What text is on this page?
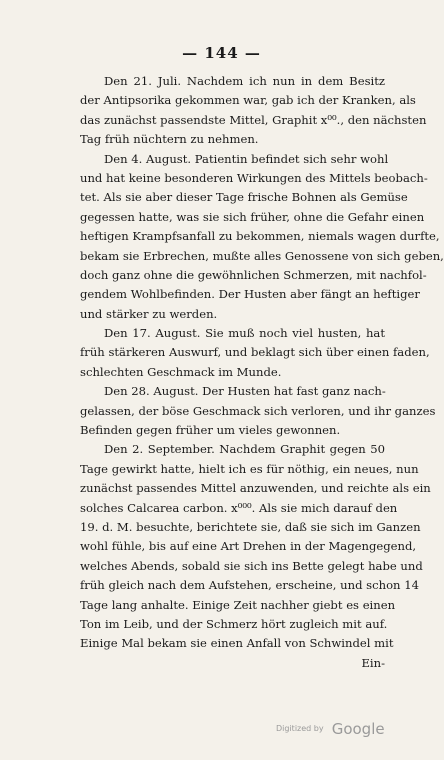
— 144 —
Den 21. Juli. Nachdem ich nun in dem Besitz
der Antipsorika gekommen war, gab ich der Kranken, als
das zunächst passendste Mittel, Graphit x⁰⁰., den nächsten
Tag früh nüchtern zu nehmen.
Den 4. August. Patientin befindet sich sehr wohl
und hat keine besonderen Wirkungen des Mittels beobach-
tet. Als sie aber dieser Tage frische Bohnen als Gemüse
gegessen hatte, was sie sich früher, ohne die Gefahr einen
heftigen Krampfsanfall zu bekommen, niemals wagen durfte,
bekam sie Erbrechen, mußte alles Genossene von sich geben,
doch ganz ohne die gewöhnlichen Schmerzen, mit nachfol-
gendem Wohlbefinden. Der Husten aber fängt an heftiger
und stärker zu werden.
Den 17. August. Sie muß noch viel husten, hat
früh stärkeren Auswurf, und beklagt sich über einen faden,
schlechten Geschmack im Munde.
Den 28. August. Der Husten hat fast ganz nach-
gelassen, der böse Geschmack sich verloren, und ihr ganzes
Befinden gegen früher um vieles gewonnen.
Den 2. September. Nachdem Graphit gegen 50
Tage gewirkt hatte, hielt ich es für nöthig, ein neues, nun
zunächst passendes Mittel anzuwenden, und reichte als ein
solches Calcarea carbon. x⁰⁰⁰. Als sie mich darauf den
19. d. M. besuchte, berichtete sie, daß sie sich im Ganzen
wohl fühle, bis auf eine Art Drehen in der Magengegend,
welches Abends, sobald sie sich ins Bette gelegt habe und
früh gleich nach dem Aufstehen, erscheine, und schon 14
Tage lang anhalte. Einige Zeit nachher giebt es einen
Ton im Leib, und der Schmerz hört zugleich mit auf.
Einige Mal bekam sie einen Anfall von Schwindel mit
Ein-
Digitized by Google
